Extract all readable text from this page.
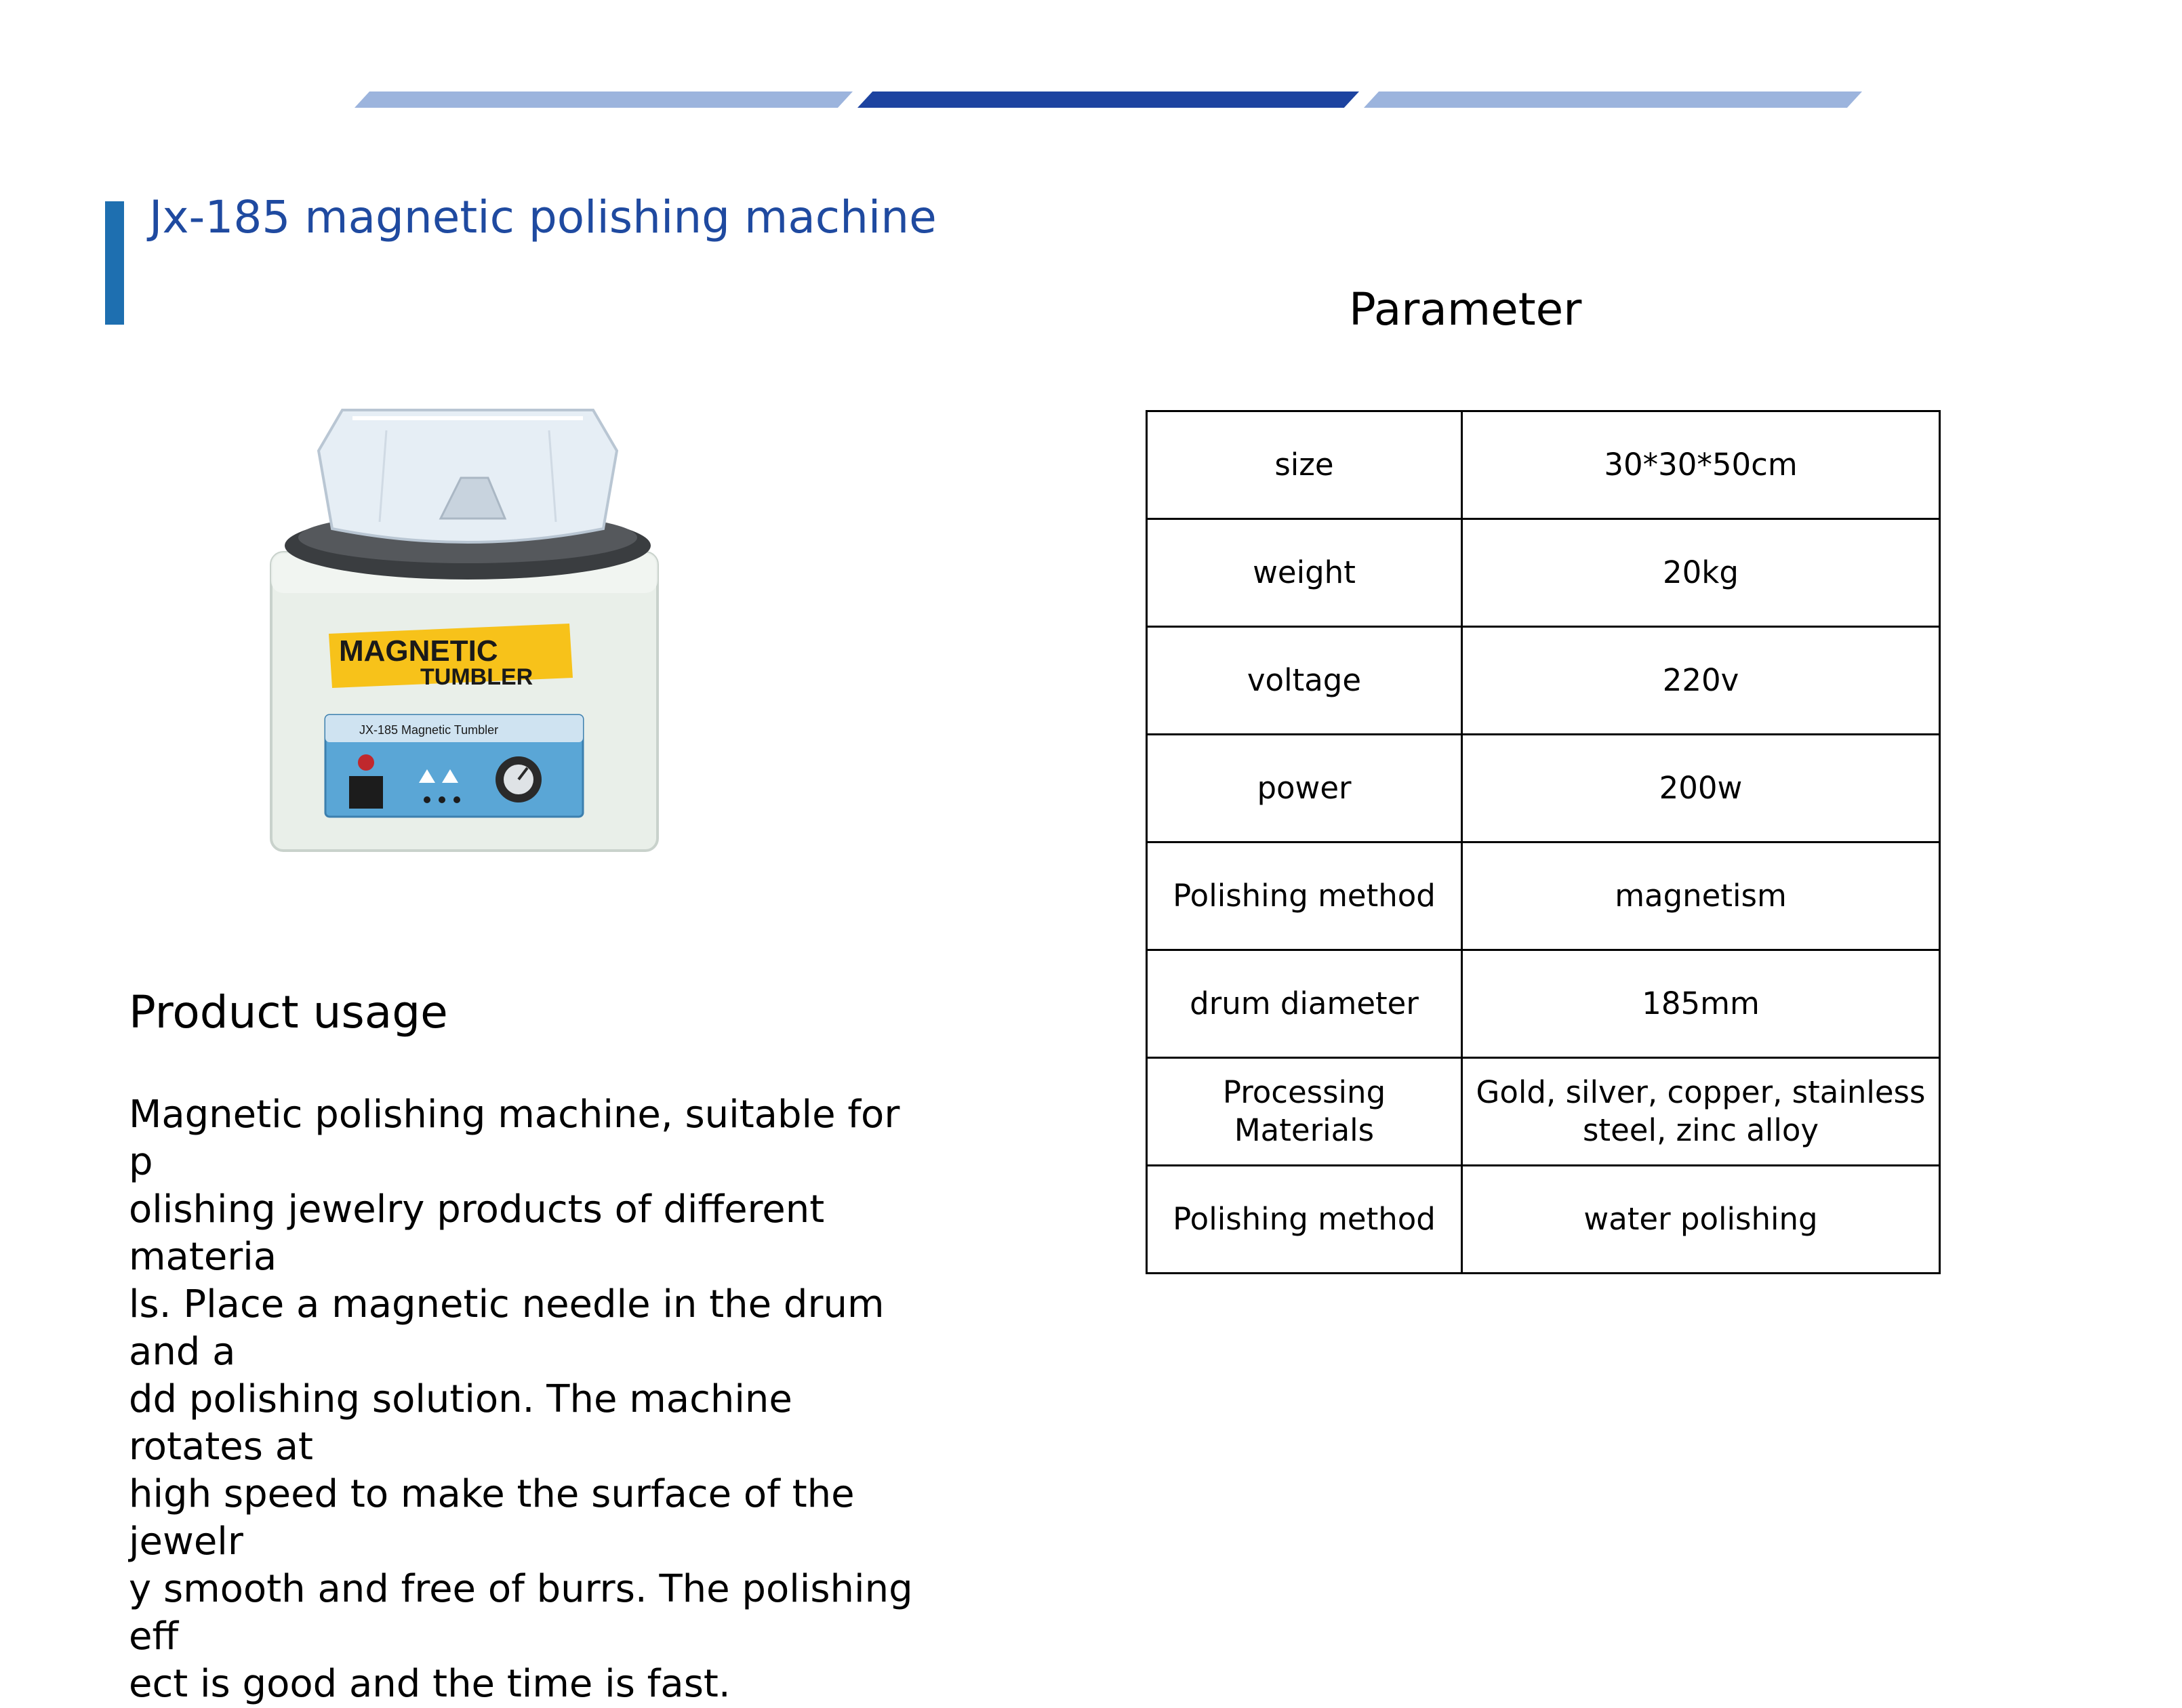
Jx-185 magnetic polishing machine
MAGNETIC
TUMBLER
JX-185 Magnetic Tumbler
Product usage
Magnetic polishing machine, suitable for p
olishing jewelry products of different materia
ls. Place a magnetic needle in the drum and a
dd polishing solution. The machine rotates at
high speed to make the surface of the jewelr
y smooth and free of burrs. The polishing eff
ect is good and the time is fast.
Parameter
size	30*30*50cm
weight	20kg
voltage	220v
power	200w
Polishing method	magnetism
drum diameter	185mm
Processing Materials	Gold, silver, copper, stainless steel, zinc alloy
Polishing method	water polishing
